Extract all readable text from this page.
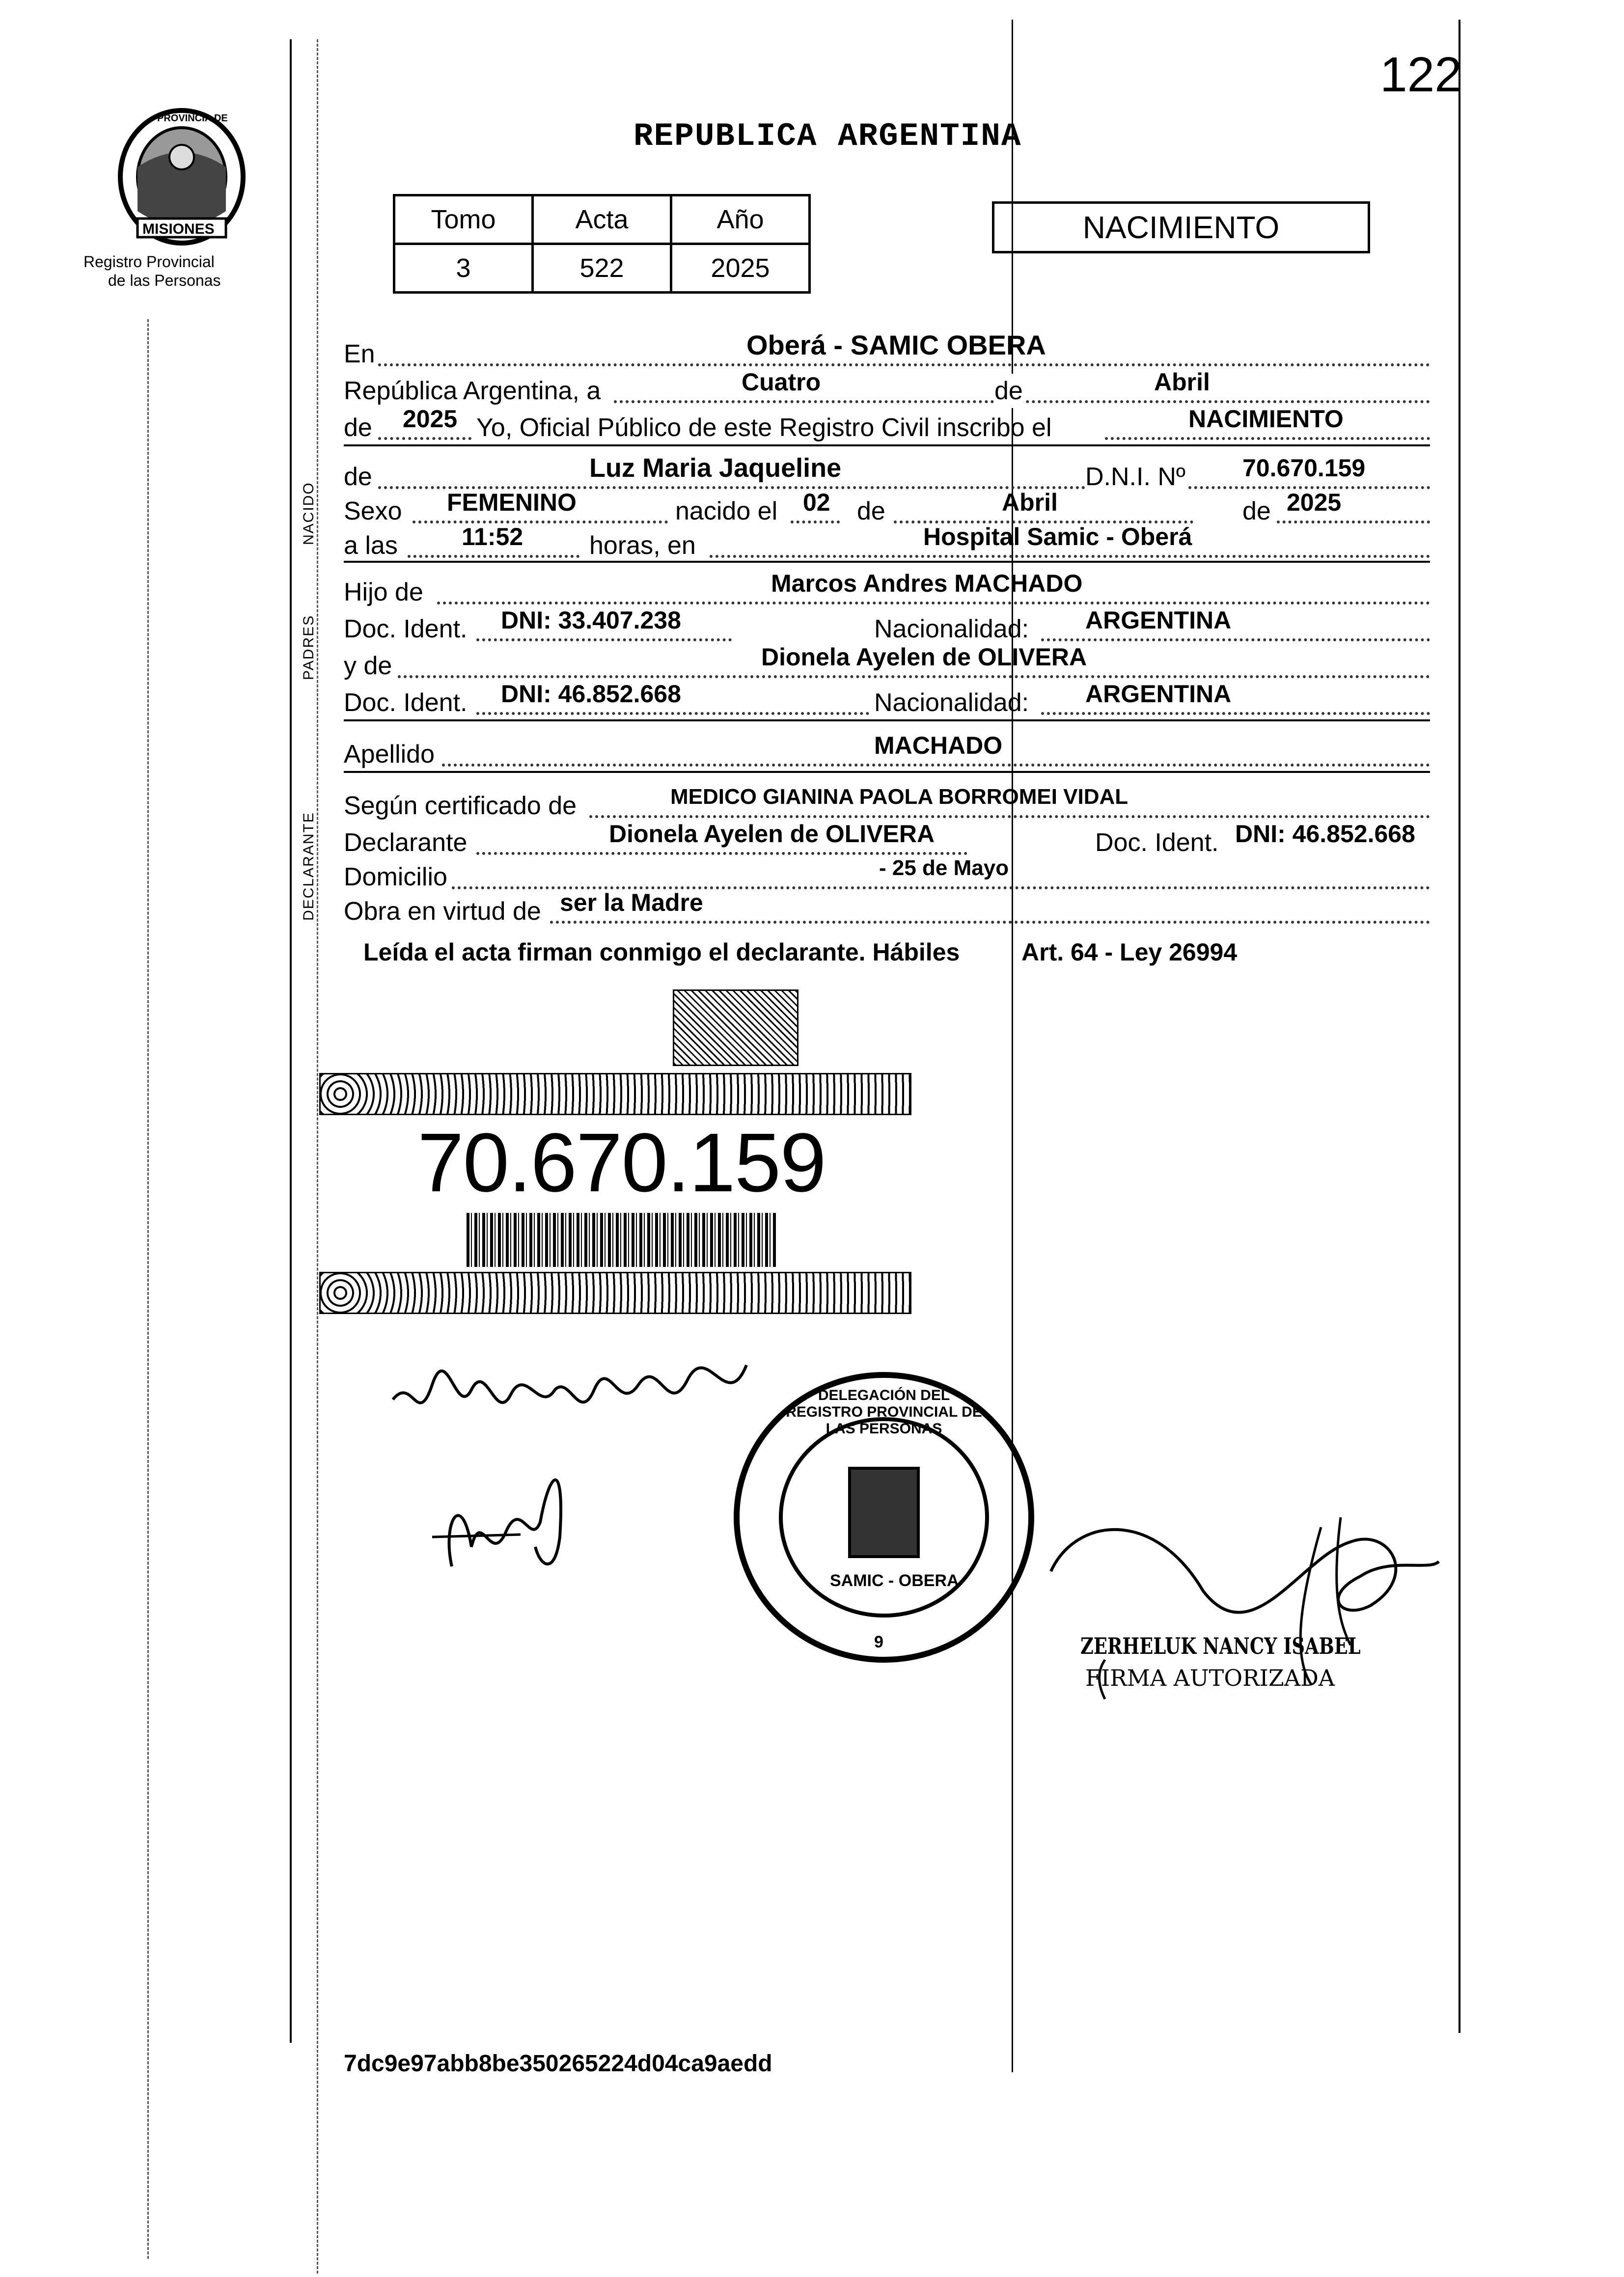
122
PROVINCIA DE
MISIONES
Registro Provincial
de las Personas
REPUBLICA ARGENTINA
Tomo	Acta	Año
3	522	2025
NACIMIENTO
NACIDO
PADRES
DECLARANTE
En	Oberá - SAMIC OBERA
República Argentina, a	Cuatro	de	Abril
de 2025 Yo, Oficial Público de este Registro Civil inscribo el	NACIMIENTO
de	Luz Maria Jaqueline	D.N.I. Nº 70.670.159
Sexo FEMENINO	nacido el 02 de	Abril	de 2025
a las	11:52	horas, en	Hospital Samic - Oberá
Hijo de	Marcos Andres MACHADO
Doc. Ident. DNI: 33.407.238	Nacionalidad: ARGENTINA
y de	Dionela Ayelen de OLIVERA
Doc. Ident. DNI: 46.852.668	Nacionalidad: ARGENTINA
Apellido	MACHADO
Según certificado de	MEDICO GIANINA PAOLA BORROMEI VIDAL
Declarante	Dionela Ayelen de OLIVERA	Doc. Ident. DNI: 46.852.668
Domicilio	- 25 de Mayo
Obra en virtud de ser la Madre
Leída el acta firman conmigo el declarante. Hábiles	Art. 64 - Ley 26994
70.670.159
DELEGACIÓN DEL REGISTRO PROVINCIAL DE LAS PERSONAS
SAMIC - OBERA
9	ZERHELUK NANCY ISABEL
FIRMA AUTORIZADA
7dc9e97abb8be350265224d04ca9aedd
